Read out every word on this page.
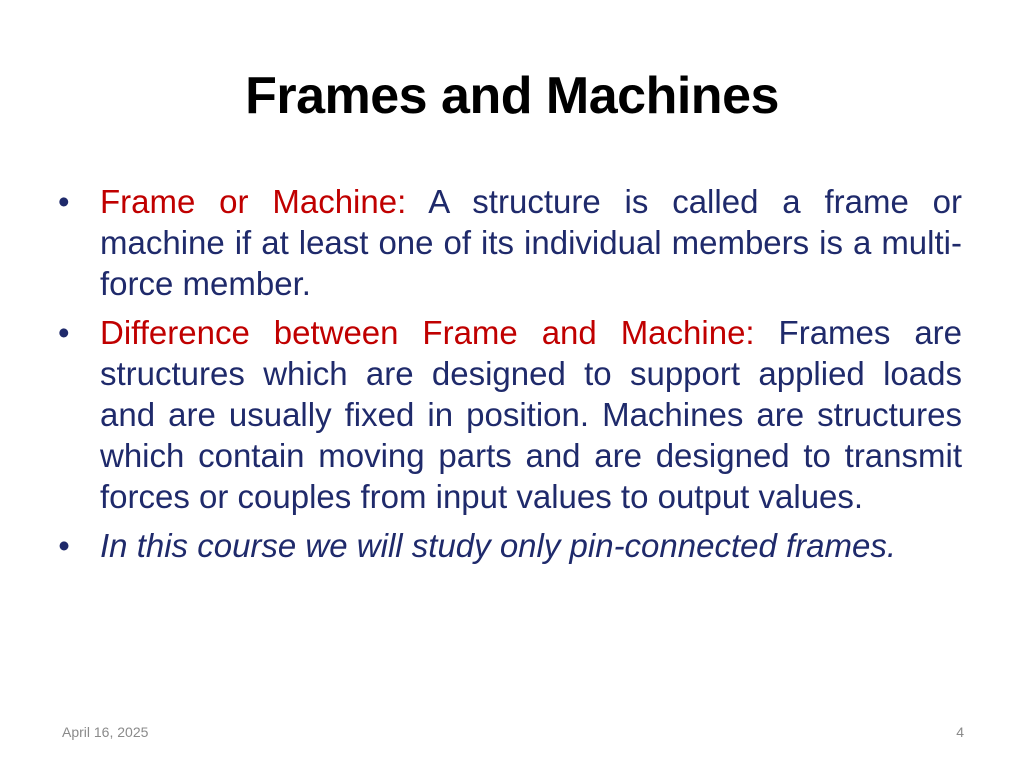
Frames and Machines
• Frame or Machine: A structure is called a frame or machine if at least one of its individual members is a multi-force member.
• Difference between Frame and Machine: Frames are structures which are designed to support applied loads and are usually fixed in position. Machines are structures which contain moving parts and are designed to transmit forces or couples from input values to output values.
• In this course we will study only pin-connected frames.
April 16, 2025	4
